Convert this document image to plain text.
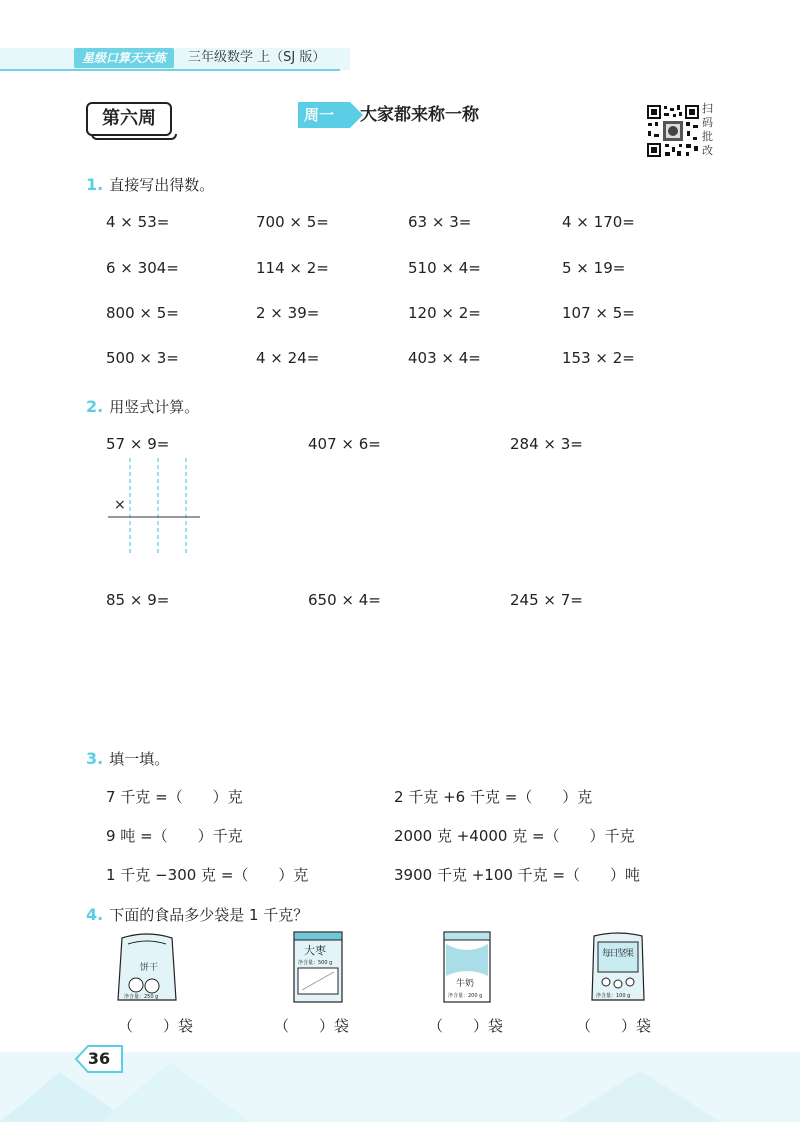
星级口算天天练	三年级数学 上（SJ 版）
第六周	周一	大家都来称一称	扫
码
批
改
1. 直接写出得数。
4 × 53=	700 × 5=	63 × 3=	4 × 170=
6 × 304=	114 × 2=	510 × 4=	5 × 19=
800 × 5=	2 × 39=	120 × 2=	107 × 5=
500 × 3=	4 × 24=	403 × 4=	153 × 2=
2. 用竖式计算。
57 × 9=	407 × 6=	284 × 3=
×
85 × 9=	650 × 4=	245 × 7=
3. 填一填。
7 千克 =（　　）克	2 千克 +6 千克 =（　　）克
9 吨 =（　　）千克	2000 克 +4000 克 =（　　）千克
1 千克 −300 克 =（　　）克	3900 千克 +100 千克 =（　　）吨
4. 下面的食品多少袋是 1 千克？
饼干
净含量：250 g
大枣
净含量：500 g
牛奶
净含量：200 g
每日坚果
净含量：100 g
（　　）袋	（　　）袋	（　　）袋	（　　）袋
36
